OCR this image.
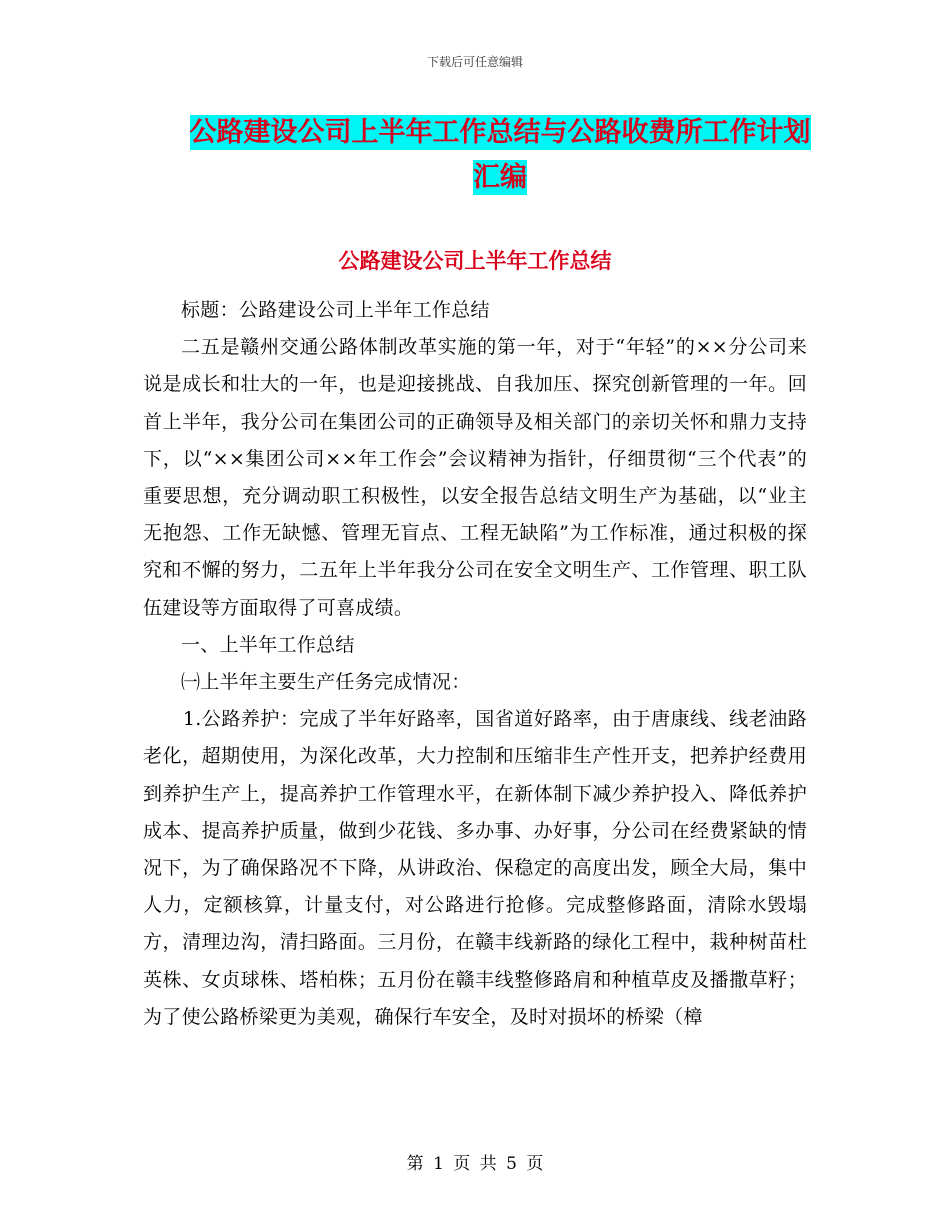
下载后可任意编辑
公路建设公司上半年工作总结与公路收费所工作计划
汇编
公路建设公司上半年工作总结

标题：公路建设公司上半年工作总结

二五是赣州交通公路体制改革实施的第一年，对于“年轻”的××分公司来说是成长和壮大的一年，也是迎接挑战、自我加压、探究创新管理的一年。回首上半年，我分公司在集团公司的正确领导及相关部门的亲切关怀和鼎力支持下，以“××集团公司××年工作会”会议精神为指针，仔细贯彻“三个代表”的重要思想，充分调动职工积极性，以安全报告总结文明生产为基础，以“业主无抱怨、工作无缺憾、管理无盲点、工程无缺陷”为工作标准，通过积极的探究和不懈的努力，二五年上半年我分公司在安全文明生产、工作管理、职工队伍建设等方面取得了可喜成绩。

一、上半年工作总结

㈠上半年主要生产任务完成情况：

1.公路养护：完成了半年好路率，国省道好路率，由于唐康线、线老油路老化，超期使用，为深化改革，大力控制和压缩非生产性开支，把养护经费用到养护生产上，提高养护工作管理水平，在新体制下减少养护投入、降低养护成本、提高养护质量，做到少花钱、多办事、办好事，分公司在经费紧缺的情况下，为了确保路况不下降，从讲政治、保稳定的高度出发，顾全大局，集中人力，定额核算，计量支付，对公路进行抢修。完成整修路面，清除水毁塌方，清理边沟，清扫路面。三月份，在赣丰线新路的绿化工程中，栽种树苗杜英株、女贞球株、塔柏株；五月份在赣丰线整修路肩和种植草皮及播撒草籽；为了使公路桥梁更为美观，确保行车安全，及时对损坏的桥梁（樟

第 1 页 共 5 页
